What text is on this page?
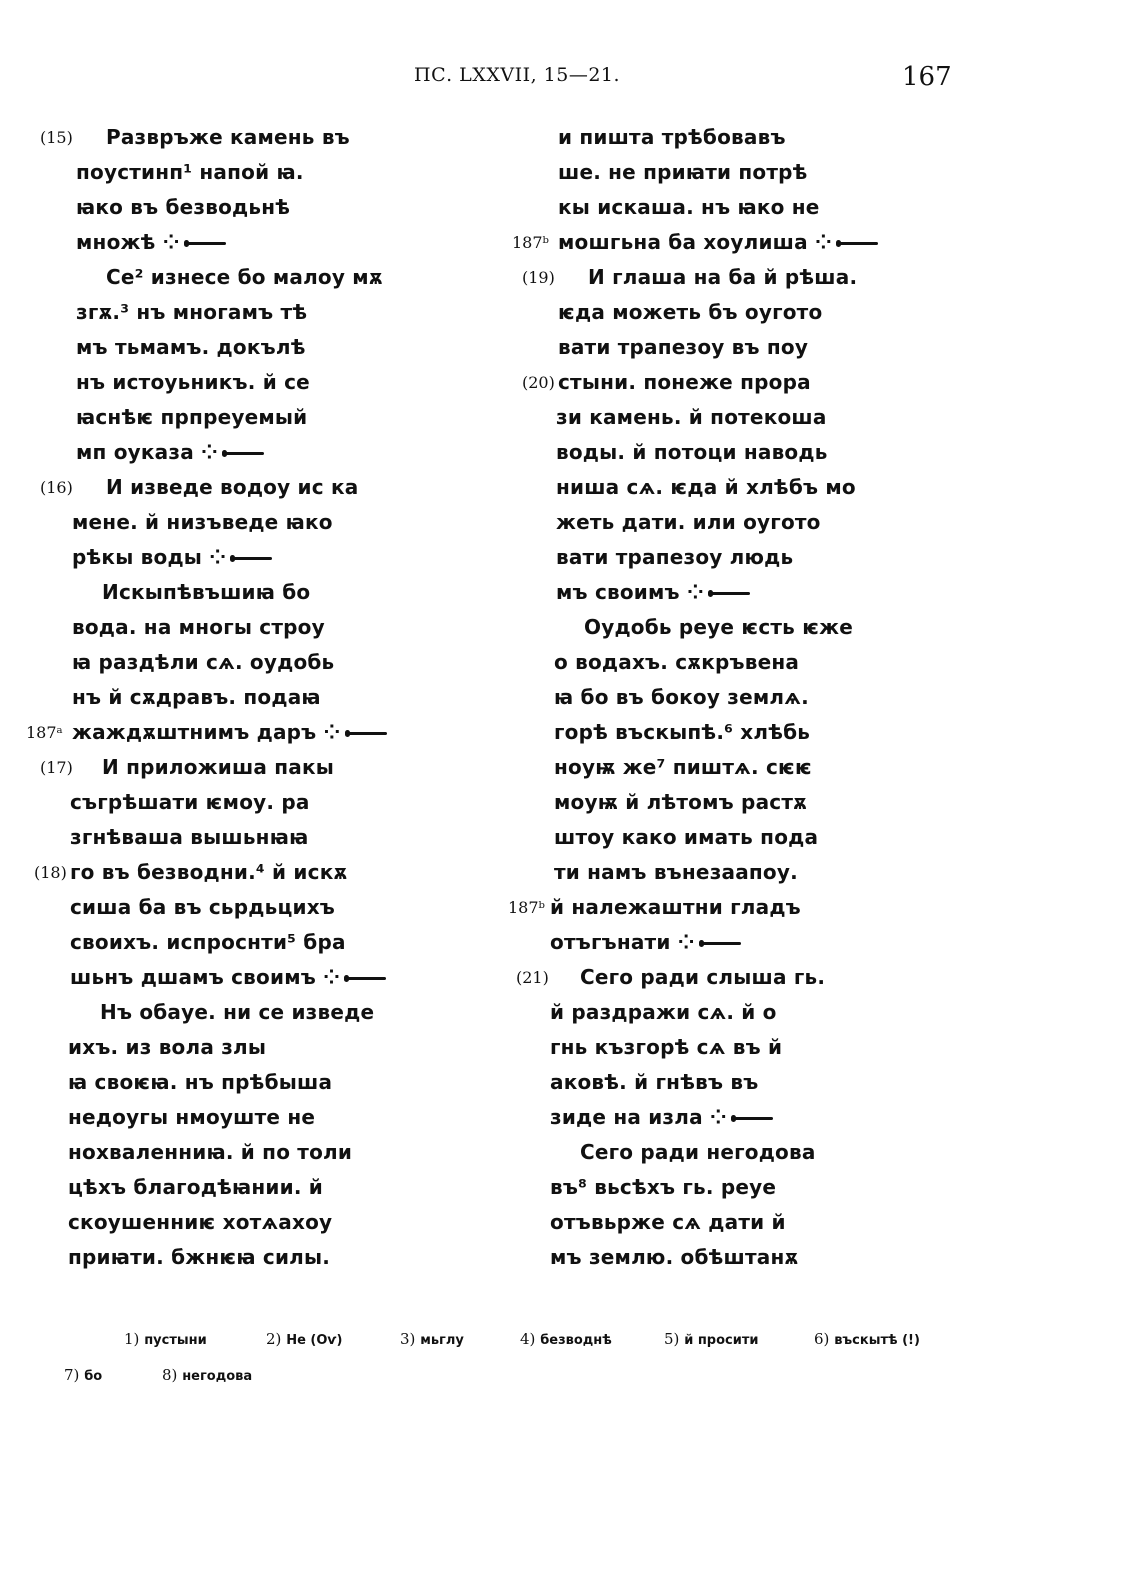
ПС. LXXVII, 15—21.	167
(15)
(16)
187ᵃ
(17)
(18)
Развръже камень въ
поустинп¹ напой ꙗ.
ꙗко въ безводьнѣ
множѣ ⁘
Се² изнесе бо малоу мѫ
згѫ.³ нъ многамъ тѣ
мъ тьмамъ. докълѣ
нъ истоуьникъ. й се
ꙗснѣѥ прпреуемый
мп оуказа ⁘
И изведе водоу ис ка
мене. й низъведе ꙗко
рѣкы воды ⁘
Искыпѣвъшиꙗ бо
вода. на многы строу
ꙗ раздѣли сѧ. оудобь
нъ й сѫдравъ. подаꙗ
жаждѫштнимъ даръ ⁘
И приложиша пакы
съгрѣшати ѥмоу. ра
згнѣваша вышьнꙗꙗ
го въ безводни.⁴ й искѫ
сиша ба въ сьрдьцихъ
своихъ. испроснти⁵ бра
шьнъ дшамъ своимъ ⁘
Нъ обауе. ни се изведе
ихъ. из вола злы
ꙗ своѥꙗ. нъ прѣбыша
недоугы нмоуште не
нохваленниꙗ. й по толи
цѣхъ благодѣꙗнии. й
скоушенниѥ хотѧахоу
приꙗти. бжнѥꙗ силы.
187ᵇ
(19)
(20)
187ᵇ
(21)
и пишта трѣбовавъ
ше. не приꙗти потрѣ
кы искаша. нъ ꙗко не
мошгьна ба хоулиша ⁘
И глаша на ба й рѣша.
ѥда можеть бъ оугото
вати трапезоу въ поу
стыни. понеже прора
зи камень. й потекоша
воды. й потоци наводь
ниша сѧ. ѥда й хлѣбъ мо
жеть дати. или оугото
вати трапезоу людь
мъ своимъ ⁘
Оудобь реуе ѥсть ѥже
о водахъ. сѫкръвена
ꙗ бо въ бокоу землѧ.
горѣ въскыпѣ.⁶ хлѣбь
ноуѭ же⁷ пиштѧ. сѥѥ
моуѭ й лѣтомъ растѫ
штоу како имать пода
ти намъ вънезаапоу.
й належаштни гладъ
отъгънати ⁘
Сего ради слыша гь.
й раздражи сѧ. й о
гнь къзгорѣ сѧ въ й
аковѣ. й гнѣвъ въ
зиде на изла ⁘
Сего ради негодова
въ⁸ вьсѣхъ гь. реуе
отъвьрже сѧ дати й
мъ землю. обѣштанѫ
1) пустыни	2) Не (Оѵ)	3) мьглу	4) безводнѣ	5) й просити	6) въскытѣ (!)
7) бо	8) негодова
